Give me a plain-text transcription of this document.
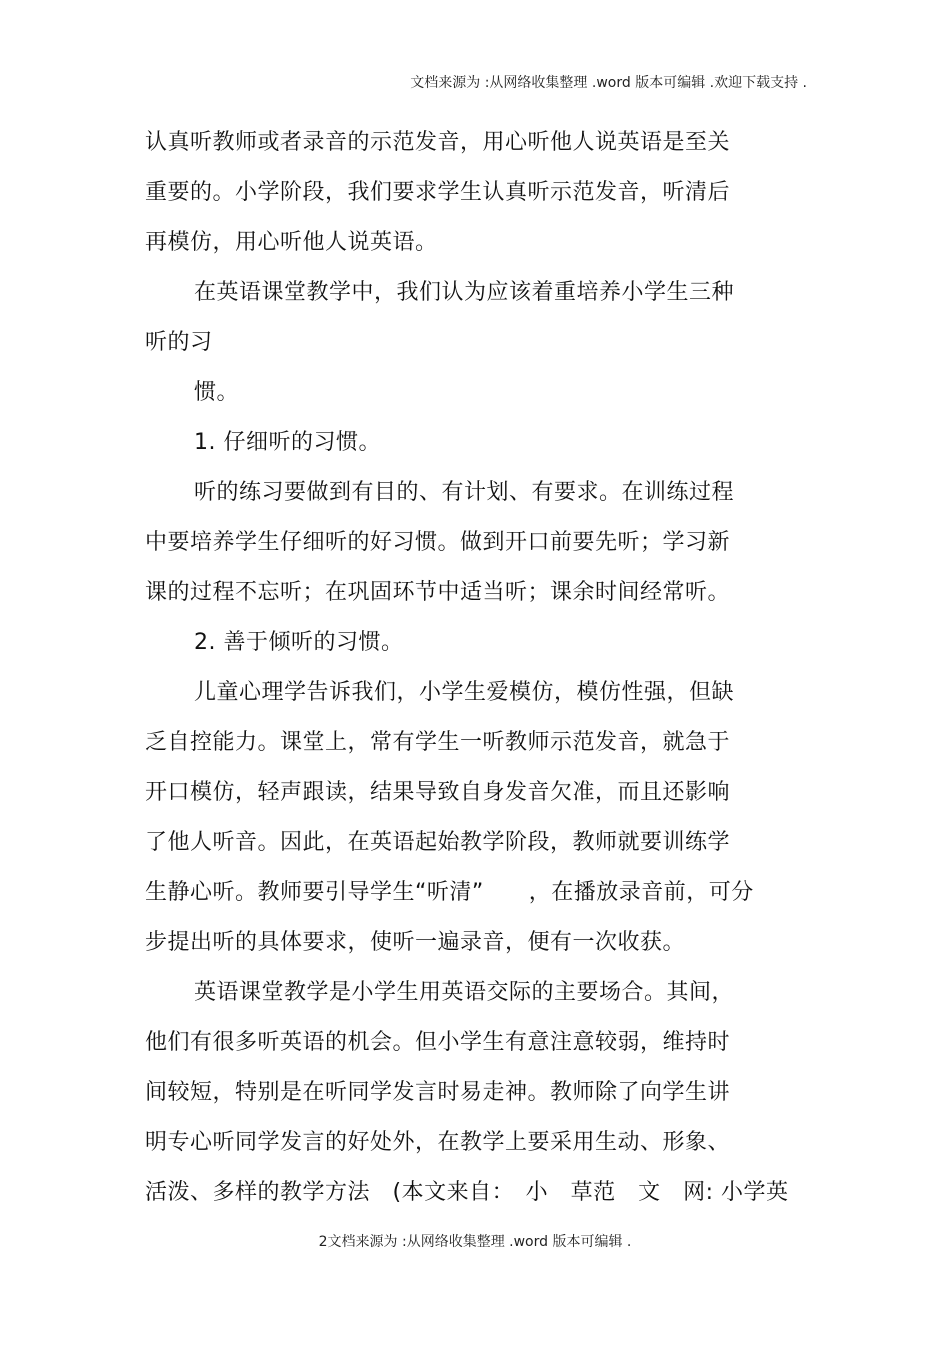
文档来源为 :从网络收集整理 .word 版本可编辑 .欢迎下载支持 .
认真听教师或者录音的示范发音，用心听他人说英语是至关
重要的。小学阶段，我们要求学生认真听示范发音，听清后
再模仿，用心听他人说英语。
在英语课堂教学中，我们认为应该着重培养小学生三种
听的习
惯。
1. 仔细听的习惯。
听的练习要做到有目的、有计划、有要求。在训练过程
中要培养学生仔细听的好习惯。做到开口前要先听；学习新
课的过程不忘听；在巩固环节中适当听；课余时间经常听。
2. 善于倾听的习惯。
儿童心理学告诉我们，小学生爱模仿，模仿性强，但缺
乏自控能力。课堂上，常有学生一听教师示范发音，就急于
开口模仿，轻声跟读，结果导致自身发音欠准，而且还影响
了他人听音。因此，在英语起始教学阶段，教师就要训练学
生静心听。教师要引导学生“听清”　　，在播放录音前，可分
步提出听的具体要求，使听一遍录音，便有一次收获。
英语课堂教学是小学生用英语交际的主要场合。其间，
他们有很多听英语的机会。但小学生有意注意较弱，维持时
间较短，特别是在听同学发言时易走神。教师除了向学生讲
明专心听同学发言的好处外，在教学上要采用生动、形象、
活泼、多样的教学方法　(本文来自：　小　草范　文　网: 小学英
2文档来源为 :从网络收集整理 .word 版本可编辑 .
